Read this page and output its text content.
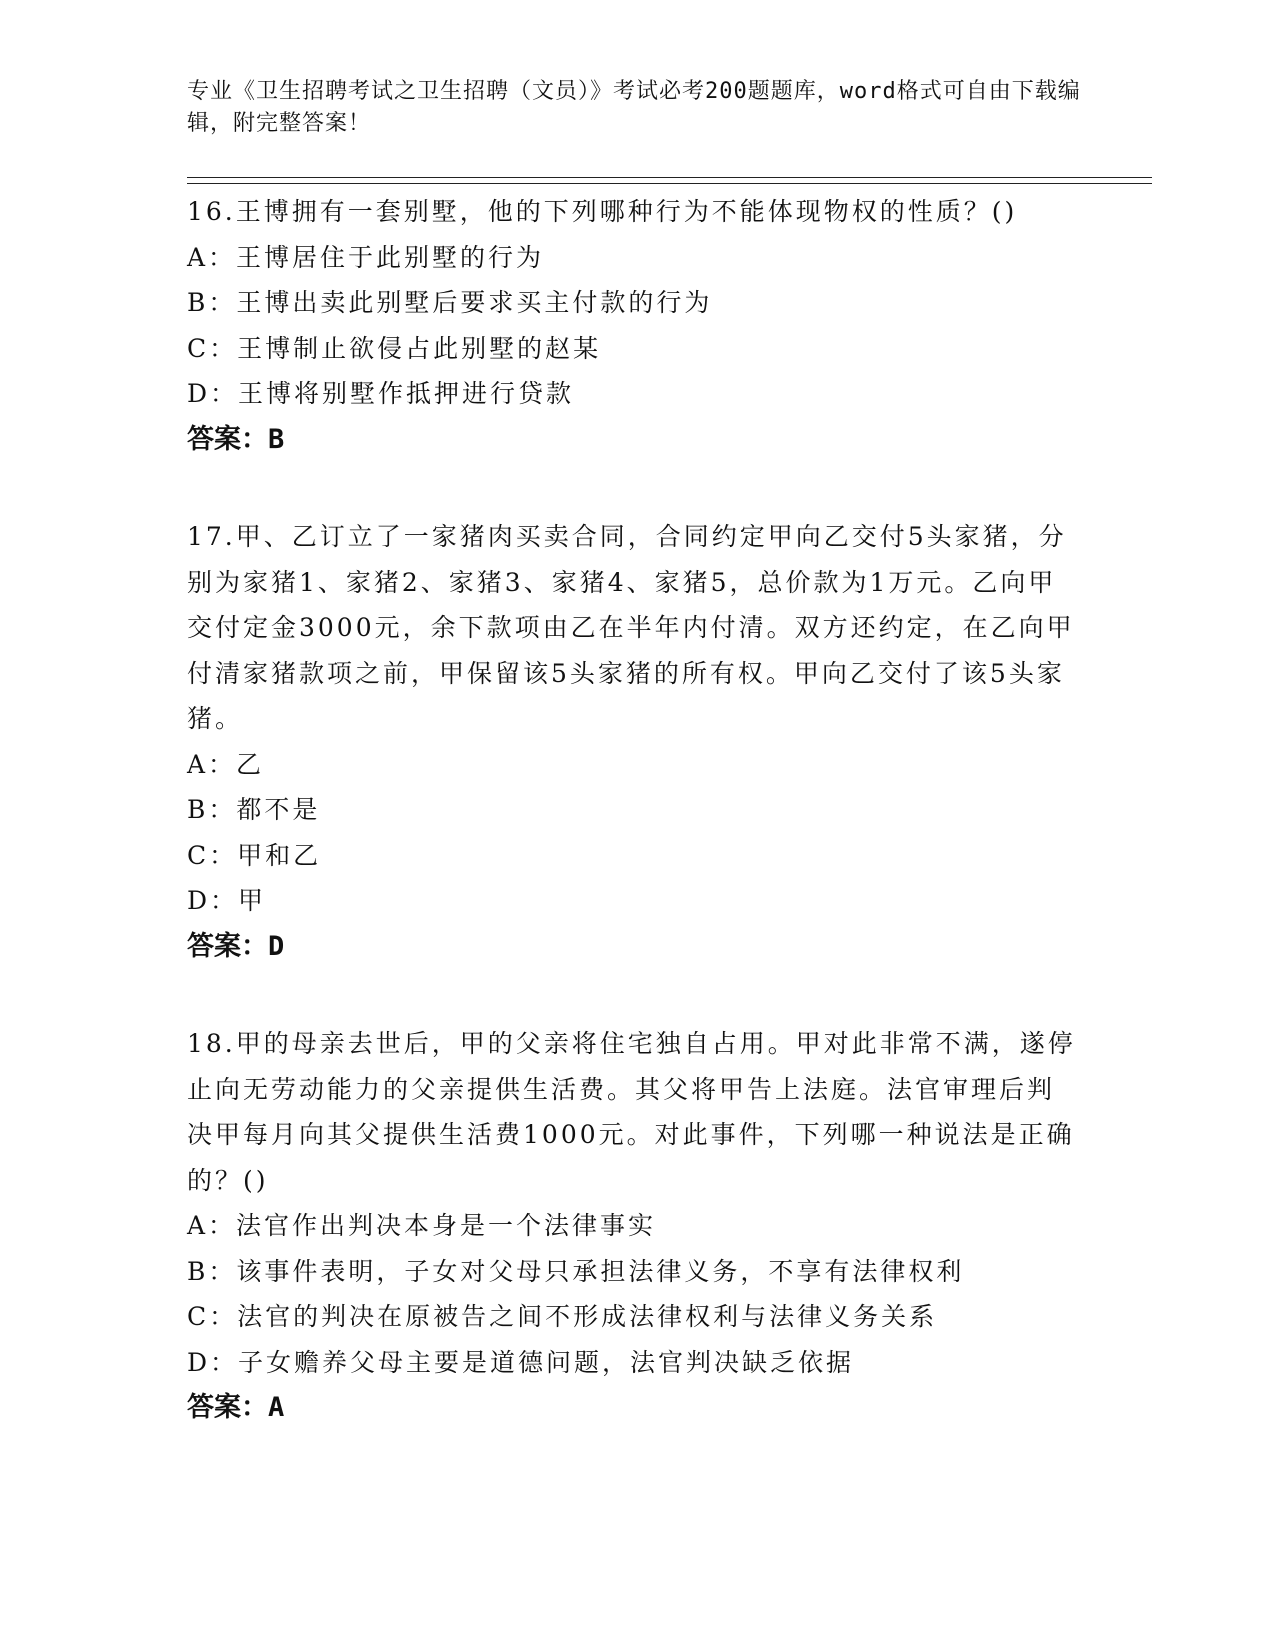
专业《卫生招聘考试之卫生招聘（文员）》考试必考200题题库，word格式可自由下载编辑，附完整答案！
16.王博拥有一套别墅，他的下列哪种行为不能体现物权的性质？()
A：王博居住于此别墅的行为
B：王博出卖此别墅后要求买主付款的行为
C：王博制止欲侵占此别墅的赵某
D：王博将别墅作抵押进行贷款
答案：B
17.甲、乙订立了一家猪肉买卖合同，合同约定甲向乙交付5头家猪，分别为家猪1、家猪2、家猪3、家猪4、家猪5，总价款为1万元。乙向甲交付定金3000元，余下款项由乙在半年内付清。双方还约定，在乙向甲付清家猪款项之前，甲保留该5头家猪的所有权。甲向乙交付了该5头家猪。
A：乙
B：都不是
C：甲和乙
D：甲
答案：D
18.甲的母亲去世后，甲的父亲将住宅独自占用。甲对此非常不满，遂停止向无劳动能力的父亲提供生活费。其父将甲告上法庭。法官审理后判决甲每月向其父提供生活费1000元。对此事件，下列哪一种说法是正确的？()
A：法官作出判决本身是一个法律事实
B：该事件表明，子女对父母只承担法律义务，不享有法律权利
C：法官的判决在原被告之间不形成法律权利与法律义务关系
D：子女赡养父母主要是道德问题，法官判决缺乏依据
答案：A
